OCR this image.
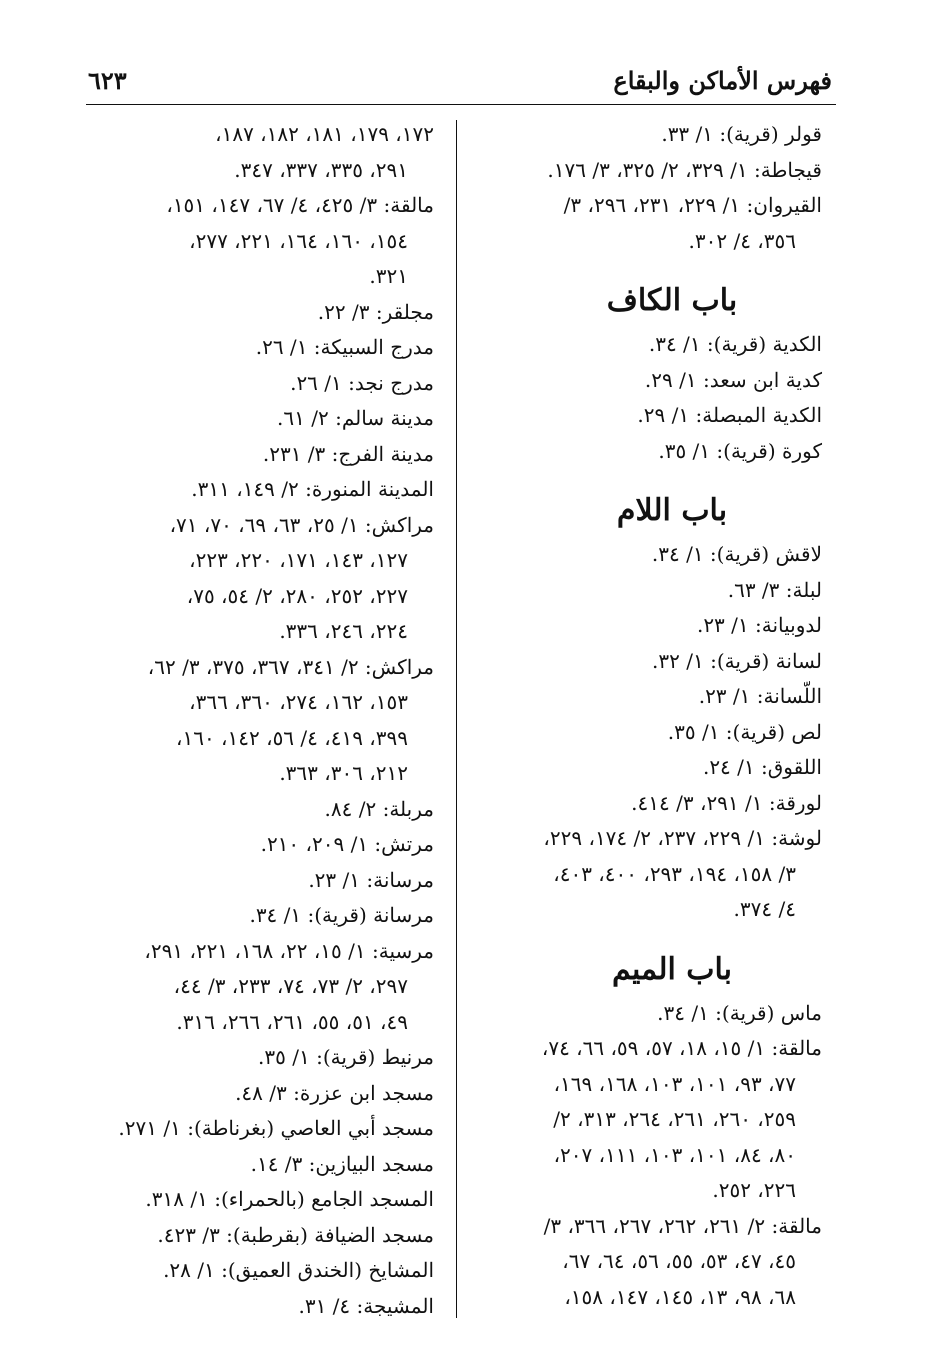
فهرس الأماكن والبقاع
٦٢٣
قولر (قرية): ١/ ٣٣.
قيجاطة: ١/ ٣٢٩، ٢/ ٣٢٥، ٣/ ١٧٦.
القيروان: ١/ ٢٢٩، ٢٣١، ٢٩٦، ٣/
٣٥٦، ٤/ ٣٠٢.
باب الكاف
الكدية (قرية): ١/ ٣٤.
كدية ابن سعد: ١/ ٢٩.
الكدية المبصلة: ١/ ٢٩.
كورة (قرية): ١/ ٣٥.
باب اللام
لاقش (قرية): ١/ ٣٤.
لبلة: ٣/ ٦٣.
لدوبيانة: ١/ ٢٣.
لسانة (قرية): ١/ ٣٢.
اللّسانة: ١/ ٢٣.
لص (قرية): ١/ ٣٥.
اللقوق: ١/ ٢٤.
لورقة: ١/ ٢٩١، ٣/ ٤١٤.
لوشة: ١/ ٢٢٩، ٢٣٧، ٢/ ١٧٤، ٢٢٩،
٣/ ١٥٨، ١٩٤، ٢٩٣، ٤٠٠، ٤٠٣،
٤/ ٣٧٤.
باب الميم
ماس (قرية): ١/ ٣٤.
مالقة: ١/ ١٥، ١٨، ٥٧، ٥٩، ٦٦، ٧٤،
٧٧، ٩٣، ١٠١، ١٠٣، ١٦٨، ١٦٩،
٢٥٩، ٢٦٠، ٢٦١، ٢٦٤، ٣١٣، ٢/
٨٠، ٨٤، ١٠١، ١٠٣، ١١١، ٢٠٧،
٢٢٦، ٢٥٢.
مالقة: ٢/ ٢٦١، ٢٦٢، ٢٦٧، ٣٦٦، ٣/
٤٥، ٤٧، ٥٣، ٥٥، ٥٦، ٦٤، ٦٧،
٦٨، ٩٨، ١٣، ١٤٥، ١٤٧، ١٥٨،
١٧٢، ١٧٩، ١٨١، ١٨٢، ١٨٧،
٢٩١، ٣٣٥، ٣٣٧، ٣٤٧.
مالقة: ٣/ ٤٢٥، ٤/ ٦٧، ١٤٧، ١٥١،
١٥٤، ١٦٠، ١٦٤، ٢٢١، ٢٧٧،
٣٢١.
مجلقر: ٣/ ٢٢.
مدرج السبيكة: ١/ ٢٦.
مدرج نجد: ١/ ٢٦.
مدينة سالم: ٢/ ٦١.
مدينة الفرج: ٣/ ٢٣١.
المدينة المنورة: ٢/ ١٤٩، ٣١١.
مراكش: ١/ ٢٥، ٦٣، ٦٩، ٧٠، ٧١،
١٢٧، ١٤٣، ١٧١، ٢٢٠، ٢٢٣،
٢٢٧، ٢٥٢، ٢٨٠، ٢/ ٥٤، ٧٥،
٢٢٤، ٢٤٦، ٣٣٦.
مراكش: ٢/ ٣٤١، ٣٦٧، ٣٧٥، ٣/ ٦٢،
١٥٣، ١٦٢، ٢٧٤، ٣٦٠، ٣٦٦،
٣٩٩، ٤١٩، ٤/ ٥٦، ١٤٢، ١٦٠،
٢١٢، ٣٠٦، ٣٦٣.
مربلة: ٢/ ٨٤.
مرتش: ١/ ٢٠٩، ٢١٠.
مرسانة: ١/ ٢٣.
مرسانة (قرية): ١/ ٣٤.
مرسية: ١/ ١٥، ٢٢، ١٦٨، ٢٢١، ٢٩١،
٢٩٧، ٢/ ٧٣، ٧٤، ٢٣٣، ٣/ ٤٤،
٤٩، ٥١، ٥٥، ٢٦١، ٢٦٦، ٣١٦.
مرنيط (قرية): ١/ ٣٥.
مسجد ابن عزرة: ٣/ ٤٨.
مسجد أبي العاصي (بغرناطة): ١/ ٢٧١.
مسجد البيازين: ٣/ ١٤.
المسجد الجامع (بالحمراء): ١/ ٣١٨.
مسجد الضيافة (بقرطبة): ٣/ ٤٢٣.
المشايخ (الخندق العميق): ١/ ٢٨.
المشيجة: ٤/ ٣١.
